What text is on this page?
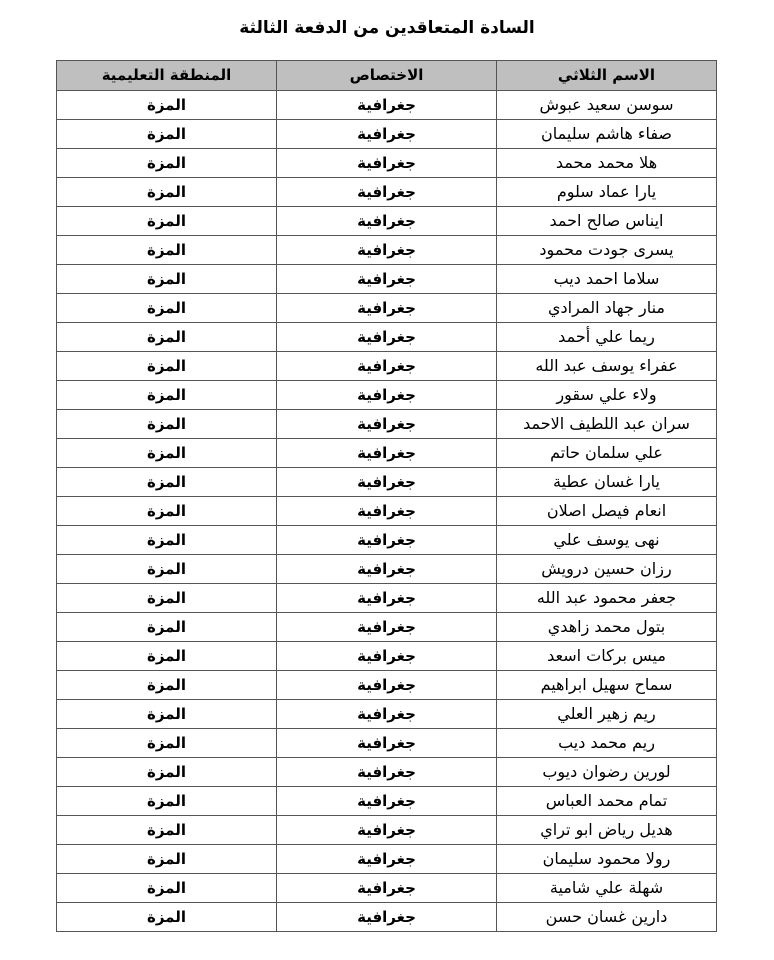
السادة المتعاقدين من الدفعة الثالثة
الاسم الثلاثي	الاختصاص	المنطقة التعليمية
سوسن سعيد عبوش	جغرافية	المزة
صفاء هاشم سليمان	جغرافية	المزة
هلا محمد محمد	جغرافية	المزة
يارا عماد سلوم	جغرافية	المزة
ايناس صالح احمد	جغرافية	المزة
يسرى جودت محمود	جغرافية	المزة
سلاما احمد ديب	جغرافية	المزة
منار جهاد المرادي	جغرافية	المزة
ريما علي أحمد	جغرافية	المزة
عفراء يوسف عبد الله	جغرافية	المزة
ولاء علي سقور	جغرافية	المزة
سران عبد اللطيف الاحمد	جغرافية	المزة
علي سلمان حاتم	جغرافية	المزة
يارا غسان عطية	جغرافية	المزة
انعام فيصل اصلان	جغرافية	المزة
نهى يوسف علي	جغرافية	المزة
رزان حسين درويش	جغرافية	المزة
جعفر محمود عبد الله	جغرافية	المزة
بتول محمد زاهدي	جغرافية	المزة
ميس بركات اسعد	جغرافية	المزة
سماح سهيل ابراهيم	جغرافية	المزة
ريم زهير العلي	جغرافية	المزة
ريم محمد ديب	جغرافية	المزة
لورين رضوان ديوب	جغرافية	المزة
تمام محمد العباس	جغرافية	المزة
هديل رياض ابو تراي	جغرافية	المزة
رولا محمود سليمان	جغرافية	المزة
شهلة علي شامية	جغرافية	المزة
دارين غسان حسن	جغرافية	المزة
